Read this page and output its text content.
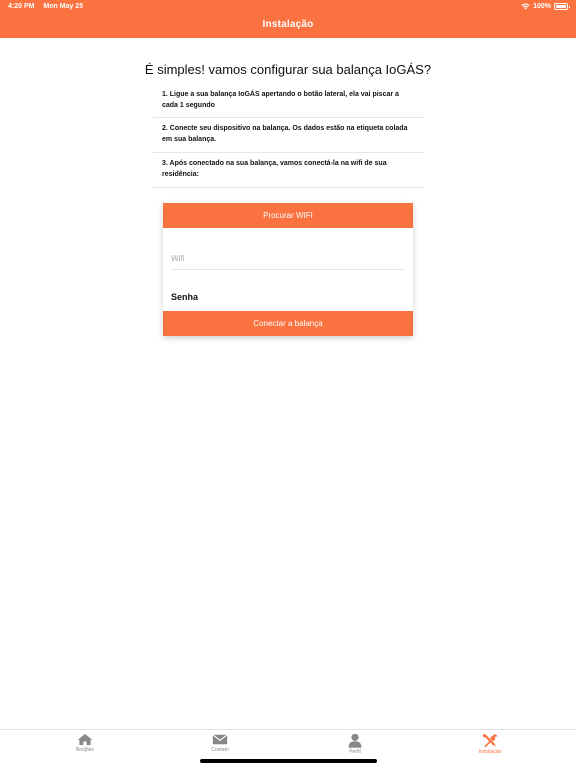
4:20 PM Mon May 25	100%
Instalação
É simples! vamos configurar sua balança IoGÁS?
1. Ligue a sua balança IoGÁS apertando o botão lateral, ela vai piscar a cada 1 segundo
2. Conecte seu dispositivo na balança. Os dados estão na etiqueta colada em sua balança.
3. Após conectado na sua balança, vamos conectá-la na wifi de sua residência:
Procurar WIFI
Wifi
Senha
Conectar a balança
Botijões	Contato	Perfil	Instalação
